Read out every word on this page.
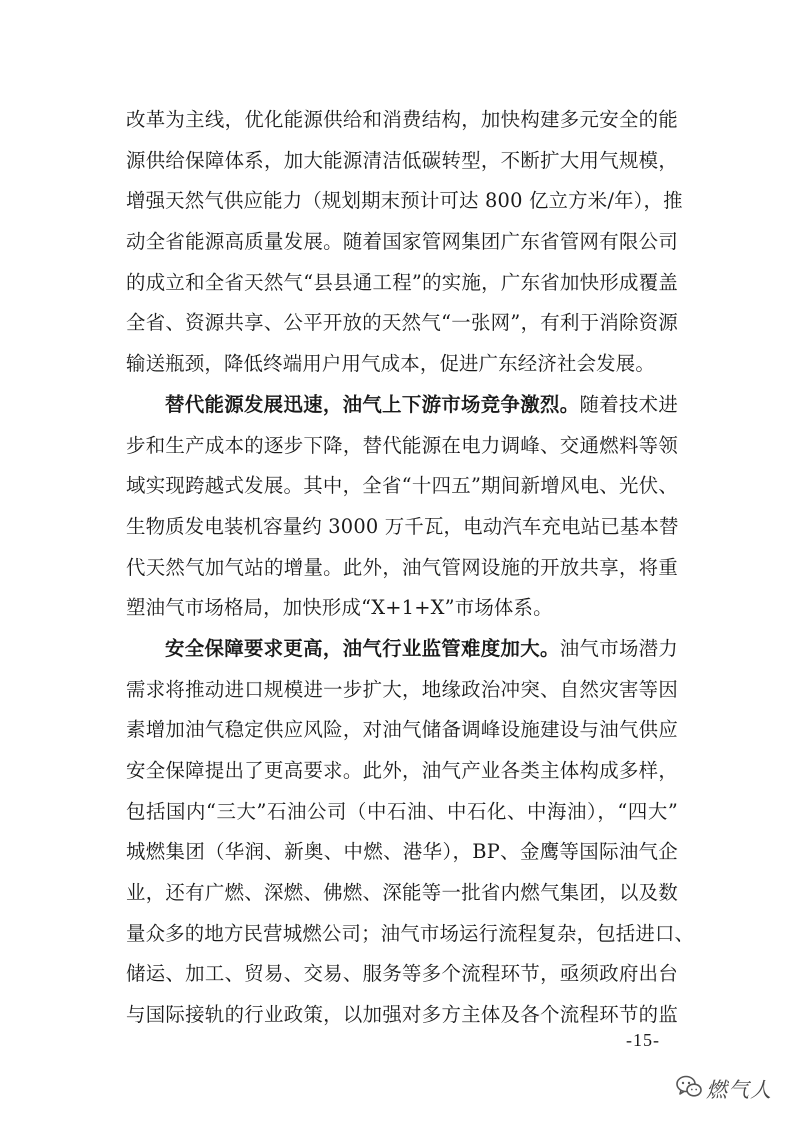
改革为主线，优化能源供给和消费结构，加快构建多元安全的能
源供给保障体系，加大能源清洁低碳转型，不断扩大用气规模，
增强天然气供应能力（规划期末预计可达 800 亿立方米/年），推
动全省能源高质量发展。随着国家管网集团广东省管网有限公司
的成立和全省天然气“县县通工程”的实施，广东省加快形成覆盖
全省、资源共享、公平开放的天然气“一张网”，有利于消除资源
输送瓶颈，降低终端用户用气成本，促进广东经济社会发展。
替代能源发展迅速，油气上下游市场竞争激烈。随着技术进
步和生产成本的逐步下降，替代能源在电力调峰、交通燃料等领
域实现跨越式发展。其中，全省“十四五”期间新增风电、光伏、
生物质发电装机容量约 3000 万千瓦，电动汽车充电站已基本替
代天然气加气站的增量。此外，油气管网设施的开放共享，将重
塑油气市场格局，加快形成“X+1+X”市场体系。
安全保障要求更高，油气行业监管难度加大。油气市场潜力
需求将推动进口规模进一步扩大，地缘政治冲突、自然灾害等因
素增加油气稳定供应风险，对油气储备调峰设施建设与油气供应
安全保障提出了更高要求。此外，油气产业各类主体构成多样，
包括国内“三大”石油公司（中石油、中石化、中海油），“四大”
城燃集团（华润、新奥、中燃、港华），BP、金鹰等国际油气企
业，还有广燃、深燃、佛燃、深能等一批省内燃气集团，以及数
量众多的地方民营城燃公司；油气市场运行流程复杂，包括进口、
储运、加工、贸易、交易、服务等多个流程环节，亟须政府出台
与国际接轨的行业政策，以加强对多方主体及各个流程环节的监
-15-
燃气人
